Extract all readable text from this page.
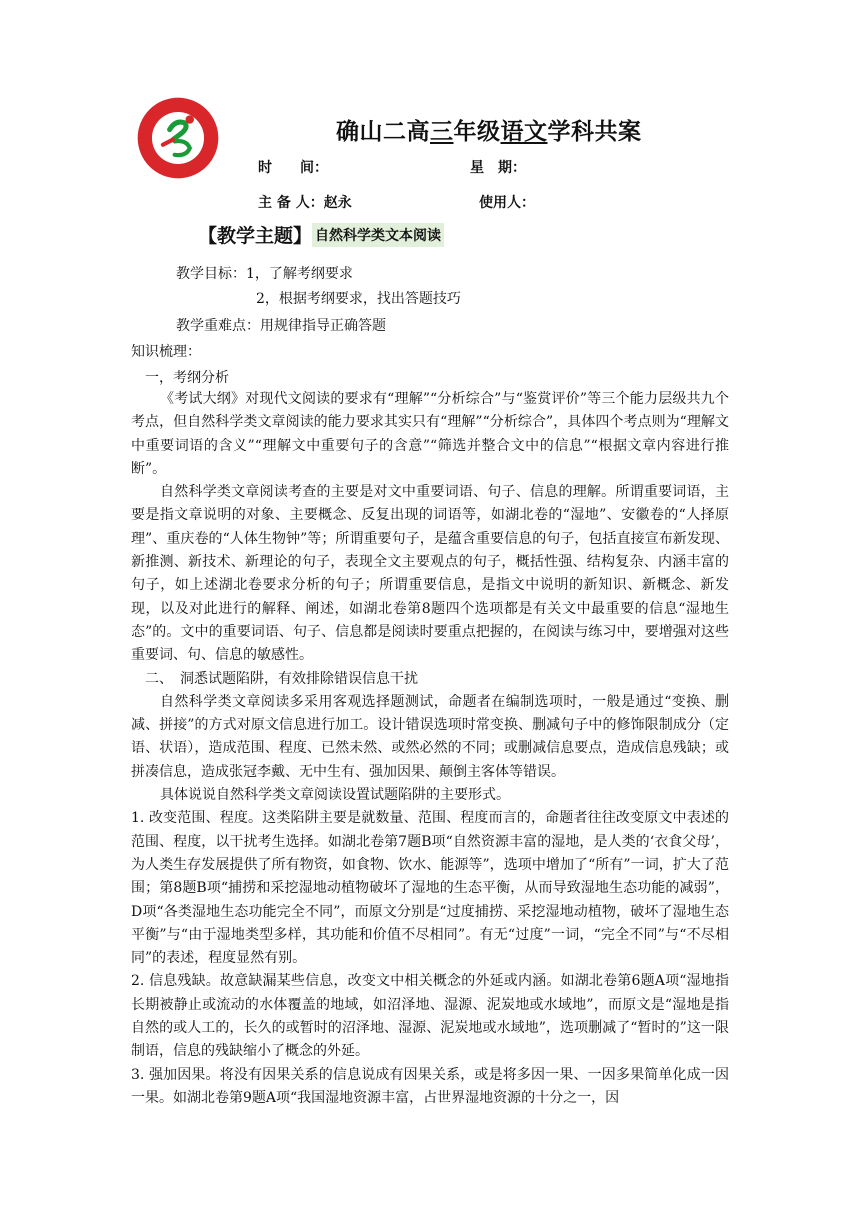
确山二高三年级语文学科共案
时　　间：	星　期：
主 备 人：赵永	使用人：
【教学主题】 自然科学类文本阅读
教学目标：1，了解考纲要求
2，根据考纲要求，找出答题技巧
教学重难点：用规律指导正确答题
知识梳理：
一，考纲分析

《考试大纲》对现代文阅读的要求有“理解”“分析综合”与“鉴赏评价”等三个能力层级共九个考点，但自然科学类文章阅读的能力要求其实只有“理解”“分析综合”，具体四个考点则为“理解文中重要词语的含义”“理解文中重要句子的含意”“筛选并整合文中的信息”“根据文章内容进行推断”。

自然科学类文章阅读考查的主要是对文中重要词语、句子、信息的理解。所谓重要词语，主要是指文章说明的对象、主要概念、反复出现的词语等，如湖北卷的“湿地”、安徽卷的“人择原理”、重庆卷的“人体生物钟”等；所谓重要句子，是蕴含重要信息的句子，包括直接宣布新发现、新推测、新技术、新理论的句子，表现全文主要观点的句子，概括性强、结构复杂、内涵丰富的句子，如上述湖北卷要求分析的句子；所谓重要信息，是指文中说明的新知识、新概念、新发现，以及对此进行的解释、阐述，如湖北卷第8题四个选项都是有关文中最重要的信息“湿地生态”的。文中的重要词语、句子、信息都是阅读时要重点把握的，在阅读与练习中，要增强对这些重要词、句、信息的敏感性。

二、　洞悉试题陷阱，有效排除错误信息干扰

自然科学类文章阅读多采用客观选择题测试，命题者在编制选项时，一般是通过“变换、删减、拼接”的方式对原文信息进行加工。设计错误选项时常变换、删减句子中的修饰限制成分（定语、状语），造成范围、程度、已然未然、或然必然的不同；或删减信息要点，造成信息残缺；或拼凑信息，造成张冠李戴、无中生有、强加因果、颠倒主客体等错误。

具体说说自然科学类文章阅读设置试题陷阱的主要形式。

1. 改变范围、程度。这类陷阱主要是就数量、范围、程度而言的，命题者往往改变原文中表述的范围、程度，以干扰考生选择。如湖北卷第7题B项“自然资源丰富的湿地，是人类的‘衣食父母’，为人类生存发展提供了所有物资，如食物、饮水、能源等”，选项中增加了“所有”一词，扩大了范围；第8题B项“捕捞和采挖湿地动植物破坏了湿地的生态平衡，从而导致湿地生态功能的减弱”，D项“各类湿地生态功能完全不同”，而原文分别是“过度捕捞、采挖湿地动植物，破坏了湿地生态平衡”与“由于湿地类型多样，其功能和价值不尽相同”。有无“过度”一词，“完全不同”与“不尽相同”的表述，程度显然有别。

2. 信息残缺。故意缺漏某些信息，改变文中相关概念的外延或内涵。如湖北卷第6题A项“湿地指长期被静止或流动的水体覆盖的地域，如沼泽地、湿源、泥炭地或水域地”，而原文是“湿地是指自然的或人工的，长久的或暂时的沼泽地、湿源、泥炭地或水域地”，选项删减了“暂时的”这一限制语，信息的残缺缩小了概念的外延。

3. 强加因果。将没有因果关系的信息说成有因果关系，或是将多因一果、一因多果简单化成一因一果。如湖北卷第9题A项“我国湿地资源丰富，占世界湿地资源的十分之一，因
